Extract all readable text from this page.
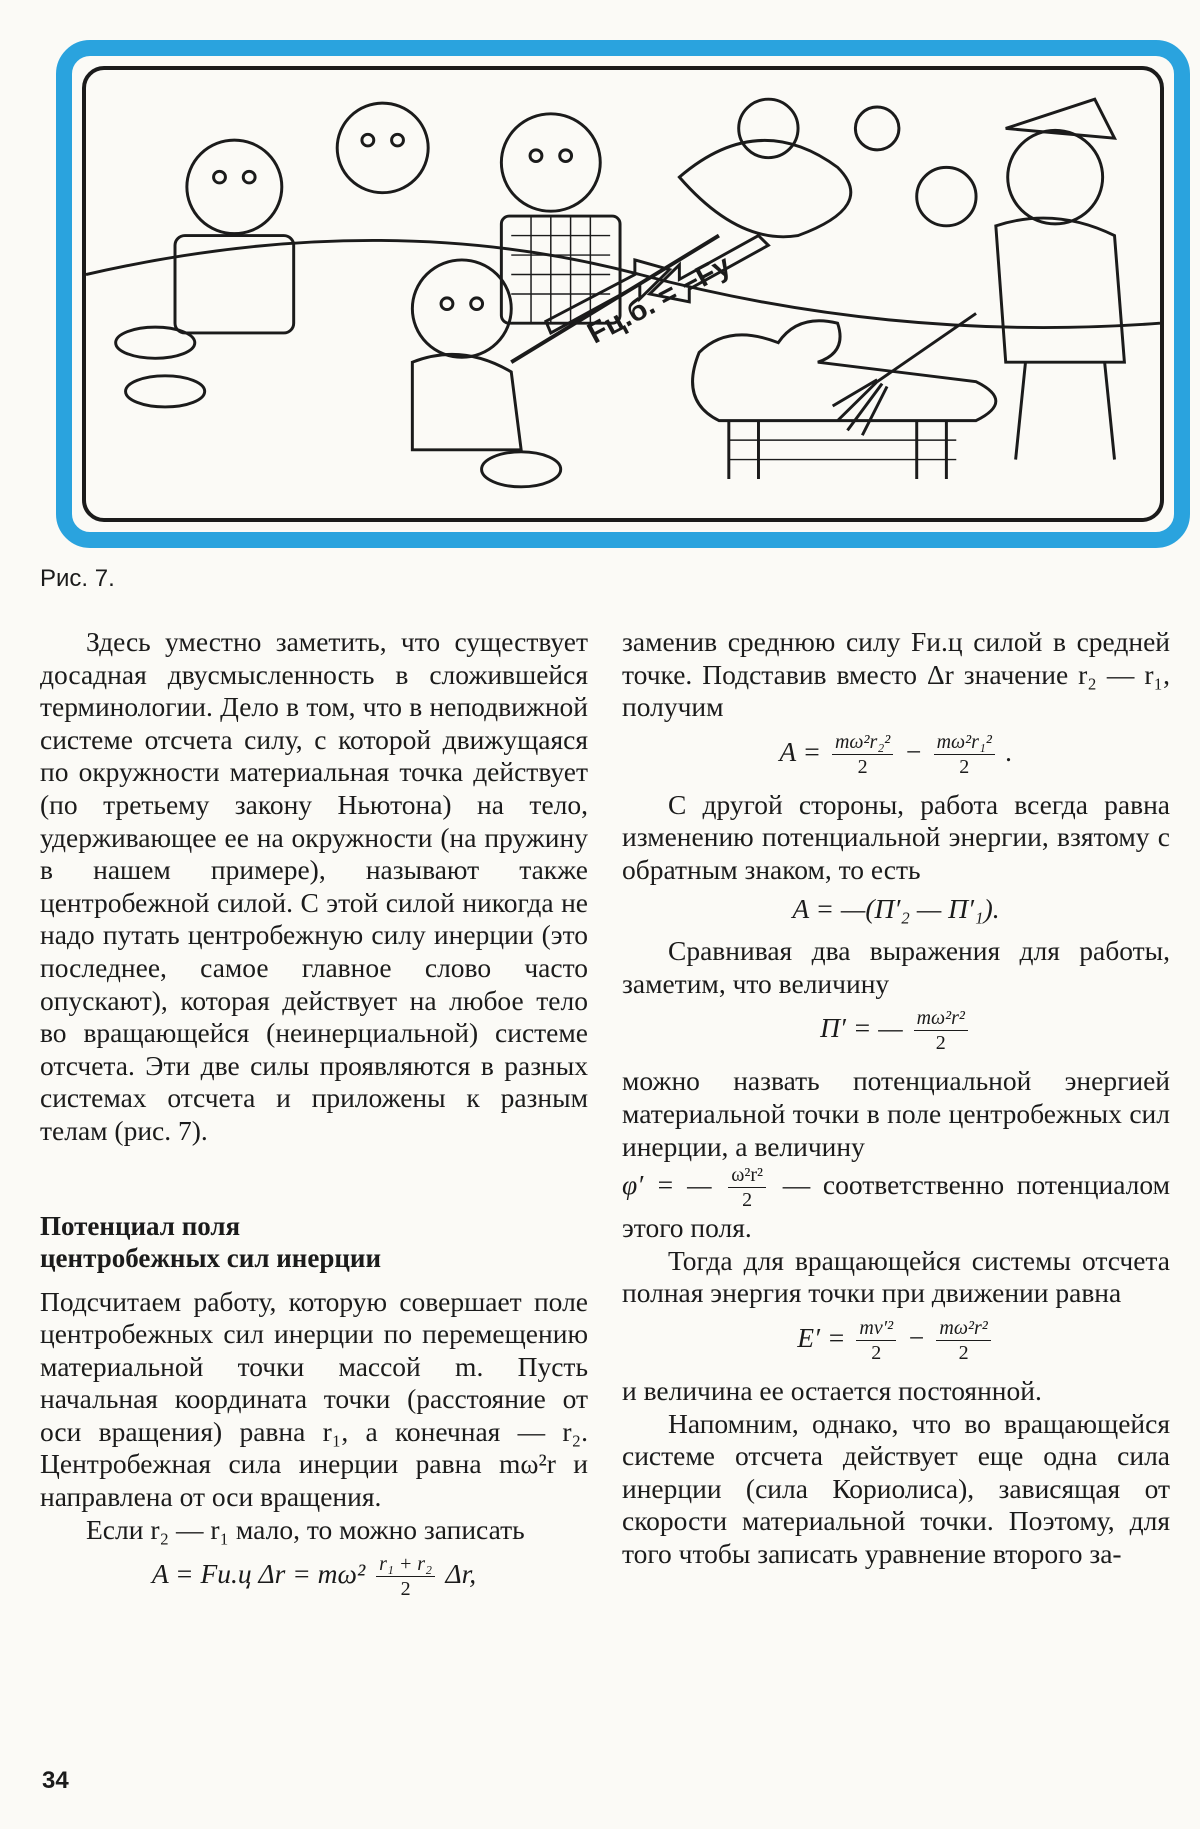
Fц.б. = −Fу
Рис. 7.

Здесь уместно заметить, что существует досадная двусмысленность в сложившейся терминологии. Дело в том, что в неподвижной системе отсчета силу, с которой движущаяся по окружности материальная точка действует (по третьему закону Ньютона) на тело, удерживающее ее на окружности (на пружину в нашем примере), называют также центробежной силой. С этой силой никогда не надо путать центробежную силу инерции (это последнее, самое главное слово часто опускают), которая действует на любое тело во вращающейся (неинерциальной) системе отсчета. Эти две силы проявляются в разных системах отсчета и приложены к разным телам (рис. 7).

Потенциал поля
центробежных сил инерции

Подсчитаем работу, которую совершает поле центробежных сил инерции по перемещению материальной точки массой m. Пусть начальная координата точки (расстояние от оси вращения) равна r₁, а конечная — r₂. Центробежная сила инерции равна mω²r и направлена от оси вращения.

Если r₂ — r₁ мало, то можно записать

A = Fи.ц $\Delta r = m\omega^2 \frac{\text{r₁ + r₂}}{2} \Delta r$,

заменив среднюю силу Fи.ц силой в средней точке. Подставив вместо Δr значение r₂ — r₁, получим

$A = \frac{\text{mω²r₂²}}{2} - \frac{\text{mω²r₁²}}{2}$ .

С другой стороны, работа всегда равна изменению потенциальной энергии, взятому с обратным знаком, то есть

A = —(Π′₂ — Π′₁).

Сравнивая два выражения для работы, заметим, что величину

Π′ = — $\frac{\text{mω²r²}}{2}$

можно назвать потенциальной энергией материальной точки в поле центробежных сил инерции, а величину

φ′ = — $\frac{\text{ω²r²}}{2}$ — соответственно потенциалом этого поля.

Тогда для вращающейся системы отсчета полная энергия точки при движении равна

$E' = \frac{\text{mv′²}}{2} - \frac{\text{mω²r²}}{2}$

и величина ее остается постоянной.

Напомним, однако, что во вращающейся системе отсчета действует еще одна сила инерции (сила Кориолиса), зависящая от скорости материальной точки. Поэтому, для того чтобы записать уравнение второго за-

34
